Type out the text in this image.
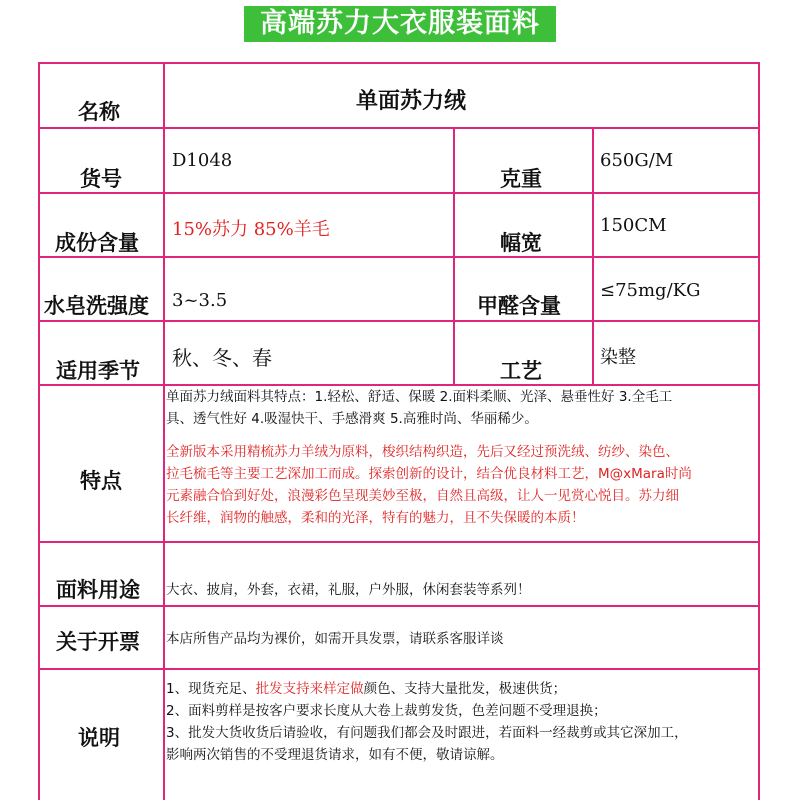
高端苏力大衣服装面料
名称	单面苏力绒
货号
D1048
克重
650G/M
成份含量
15%苏力 85%羊毛
幅宽
150CM
水皂洗强度 3~3.5	甲醛含量
≤75mg/KG
适用季节
秋、冬、春
工艺
染整
特点
单面苏力绒面料其特点：1.轻松、舒适、保暖 2.面料柔顺、光泽、悬垂性好 3.全毛工
具、透气性好 4.吸湿快干、手感滑爽 5.高雅时尚、华丽稀少。
全新版本采用精梳苏力羊绒为原料，梭织结构织造，先后又经过预洗绒、纺纱、染色、
拉毛梳毛等主要工艺深加工而成。探索创新的设计，结合优良材料工艺，M@xMara时尚
元素融合恰到好处，浪漫彩色呈现美妙至极，自然且高级，让人一见赏心悦目。苏力细
长纤维，润物的触感，柔和的光泽，特有的魅力，且不失保暖的本质！
面料用途 大衣、披肩，外套，衣裙，礼服，户外服，休闲套装等系列！
关于开票 本店所售产品均为裸价，如需开具发票，请联系客服详谈
说明
1、现货充足、批发支持来样定做颜色、支持大量批发，极速供货；
2、面料剪样是按客户要求长度从大卷上裁剪发货，色差问题不受理退换；
3、批发大货收货后请验收，有问题我们都会及时跟进，若面料一经裁剪或其它深加工，
影响两次销售的不受理退货请求，如有不便，敬请谅解。
